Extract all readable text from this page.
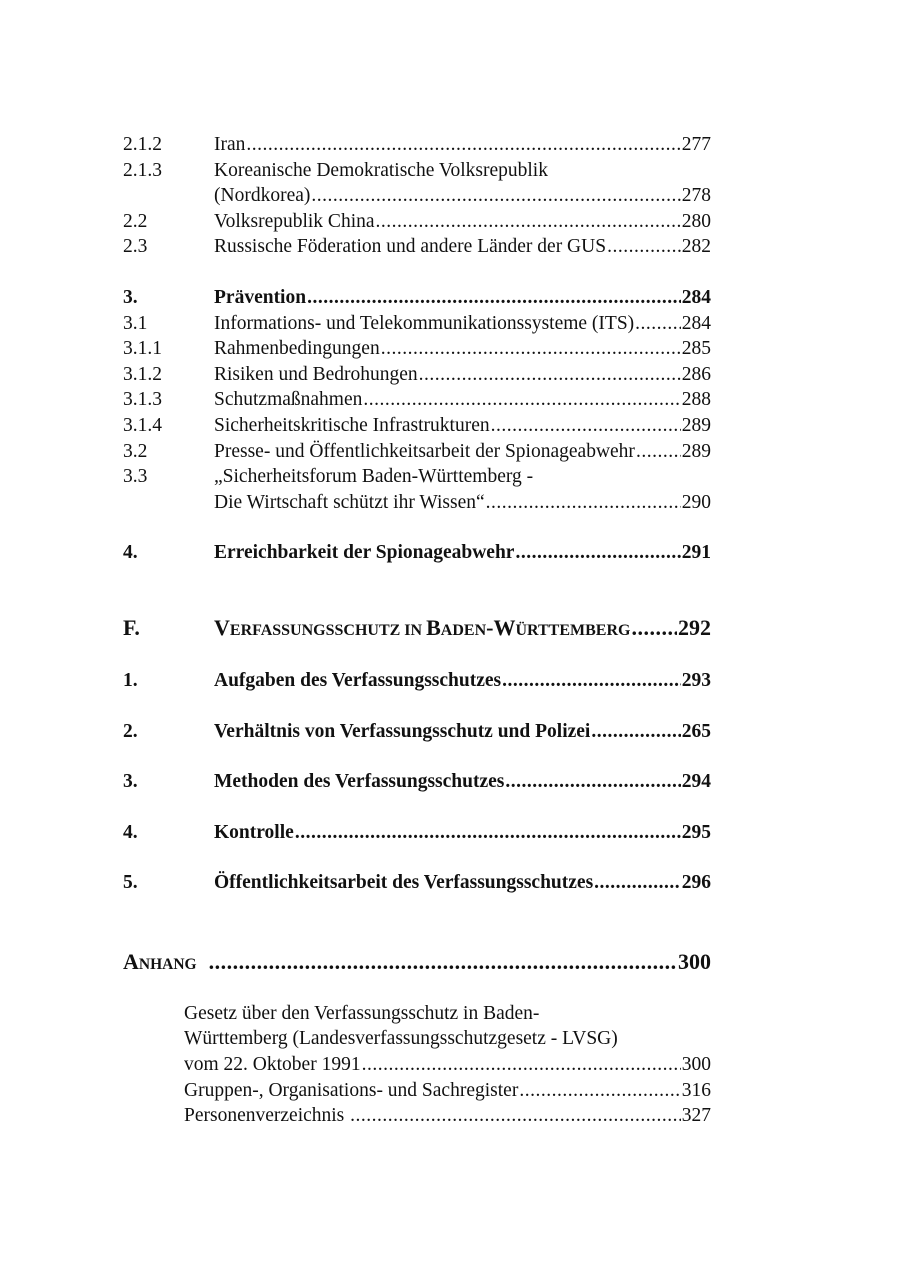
2.1.2	Iran .....	277
2.1.3	Koreanische Demokratische Volksrepublik
(Nordkorea) .....	278
2.2	Volksrepublik China .....	280
2.3	Russische Föderation und andere Länder der GUS .....	282
3.	Prävention .....	284
3.1	Informations- und Telekommunikationssysteme (ITS) ..... 284
3.1.1	Rahmenbedingungen .....	285
3.1.2	Risiken und Bedrohungen .....	286
3.1.3	Schutzmaßnahmen .....	288
3.1.4	Sicherheitskritische Infrastrukturen .....	289
3.2	Presse- und Öffentlichkeitsarbeit der Spionageabwehr ..... 289
3.3	„Sicherheitsforum Baden-Württemberg -
Die Wirtschaft schützt ihr Wissen“ .....	290
4.	Erreichbarkeit der Spionageabwehr .....	291
F.	VERFASSUNGSSCHUTZ IN BADEN-WÜRTTEMBERG ..... 292
1.	Aufgaben des Verfassungsschutzes .....	293
2.	Verhältnis von Verfassungsschutz und Polizei .....	265
3.	Methoden des Verfassungsschutzes .....	294
4.	Kontrolle .....	295
5.	Öffentlichkeitsarbeit des Verfassungsschutzes .....	296
ANHANG .....	300
Gesetz über den Verfassungsschutz in Baden-
Württemberg (Landesverfassungsschutzgesetz - LVSG)
vom 22. Oktober 1991 .....	300
Gruppen-, Organisations- und Sachregister .....	316
Personenverzeichnis .....	327
